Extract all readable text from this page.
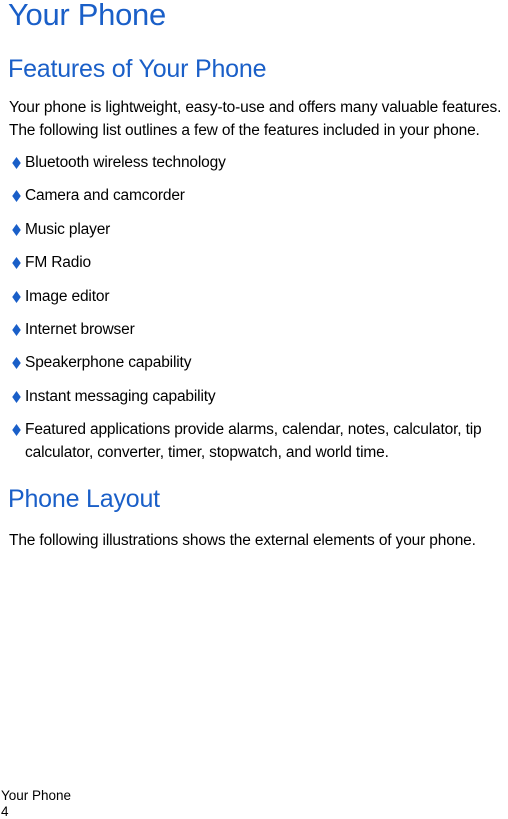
Your Phone
Features of Your Phone

Your phone is lightweight, easy-to-use and offers many valuable features.

The following list outlines a few of the features included in your phone.

Bluetooth wireless technology
Camera and camcorder
Music player
FM Radio
Image editor
Internet browser
Speakerphone capability
Instant messaging capability
Featured applications provide alarms, calendar, notes, calculator, tip calculator, converter, timer, stopwatch, and world time.
Phone Layout

The following illustrations shows the external elements of your phone.

Your Phone
4
